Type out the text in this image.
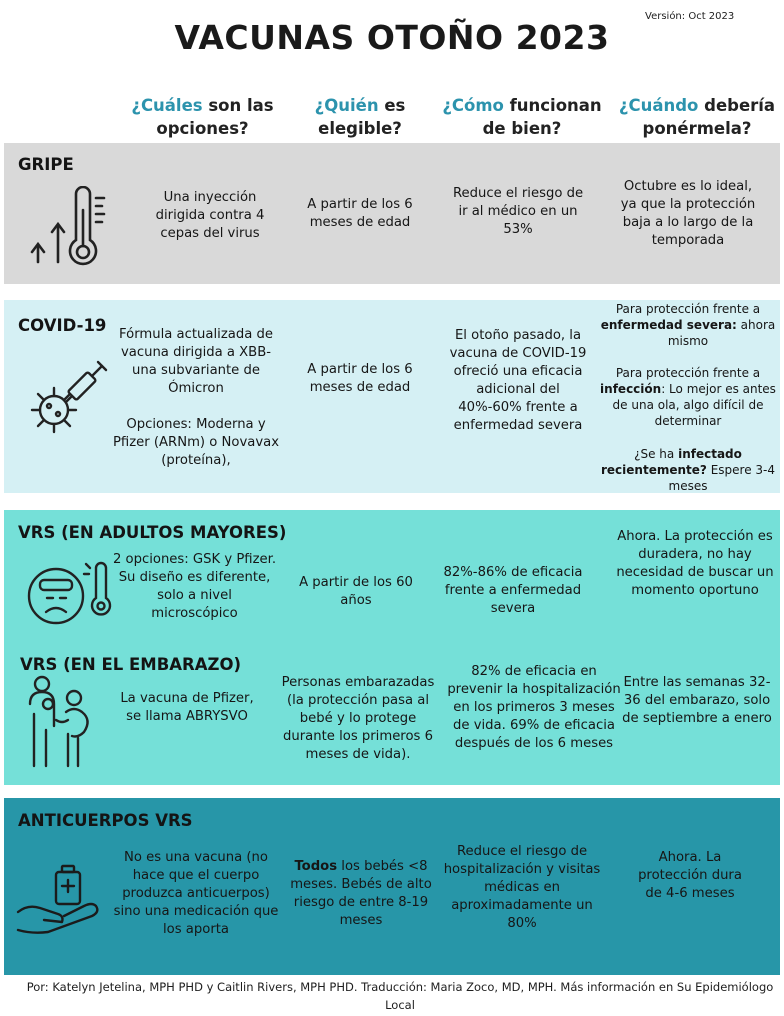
Versión: Oct 2023
VACUNAS OTOÑO 2023
¿Cuáles son las opciones?
¿Quién es elegible?
¿Cómo funcionan de bien?
¿Cuándo debería ponérmela?
GRIPE
Una inyección dirigida contra 4 cepas del virus
A partir de los 6 meses de edad
Reduce el riesgo de ir al médico en un 53%
Octubre es lo ideal, ya que la protección baja a lo largo de la temporada
COVID-19 Fórmula actualizada de vacuna dirigida a XBB- una subvariante de Ómicron
Opciones: Moderna y Pfizer (ARNm) o Novavax (proteína),
A partir de los 6 meses de edad
El otoño pasado, la vacuna de COVID-19 ofreció una eficacia adicional del 40%-60% frente a enfermedad severa
Para protección frente a enfermedad severa: ahora mismo
Para protección frente a infección: Lo mejor es antes de una ola, algo difícil de determinar
¿Se ha infectado recientemente? Espere 3-4 meses
VRS (EN ADULTOS MAYORES)
2 opciones: GSK y Pfizer. Su diseño es diferente, solo a nivel microscópico
A partir de los 60 años
82%-86% de eficacia frente a enfermedad severa
Ahora. La protección es duradera, no hay necesidad de buscar un momento oportuno
VRS (EN EL EMBARAZO)
La vacuna de Pfizer, se llama ABRYSVO
Personas embarazadas (la protección pasa al bebé y lo protege durante los primeros 6 meses de vida).
82% de eficacia en prevenir la hospitalización en los primeros 3 meses de vida. 69% de eficacia después de los 6 meses
Entre las semanas 32-36 del embarazo, solo de septiembre a enero
ANTICUERPOS VRS
No es una vacuna (no hace que el cuerpo produzca anticuerpos) sino una medicación que los aporta
Todos los bebés <8 meses. Bebés de alto riesgo de entre 8-19 meses
Reduce el riesgo de hospitalización y visitas médicas en aproximadamente un 80%
Ahora. La protección dura de 4-6 meses
Por: Katelyn Jetelina, MPH PHD y Caitlin Rivers, MPH PHD. Traducción: Maria Zoco, MD, MPH. Más información en Su Epidemiólogo Local
